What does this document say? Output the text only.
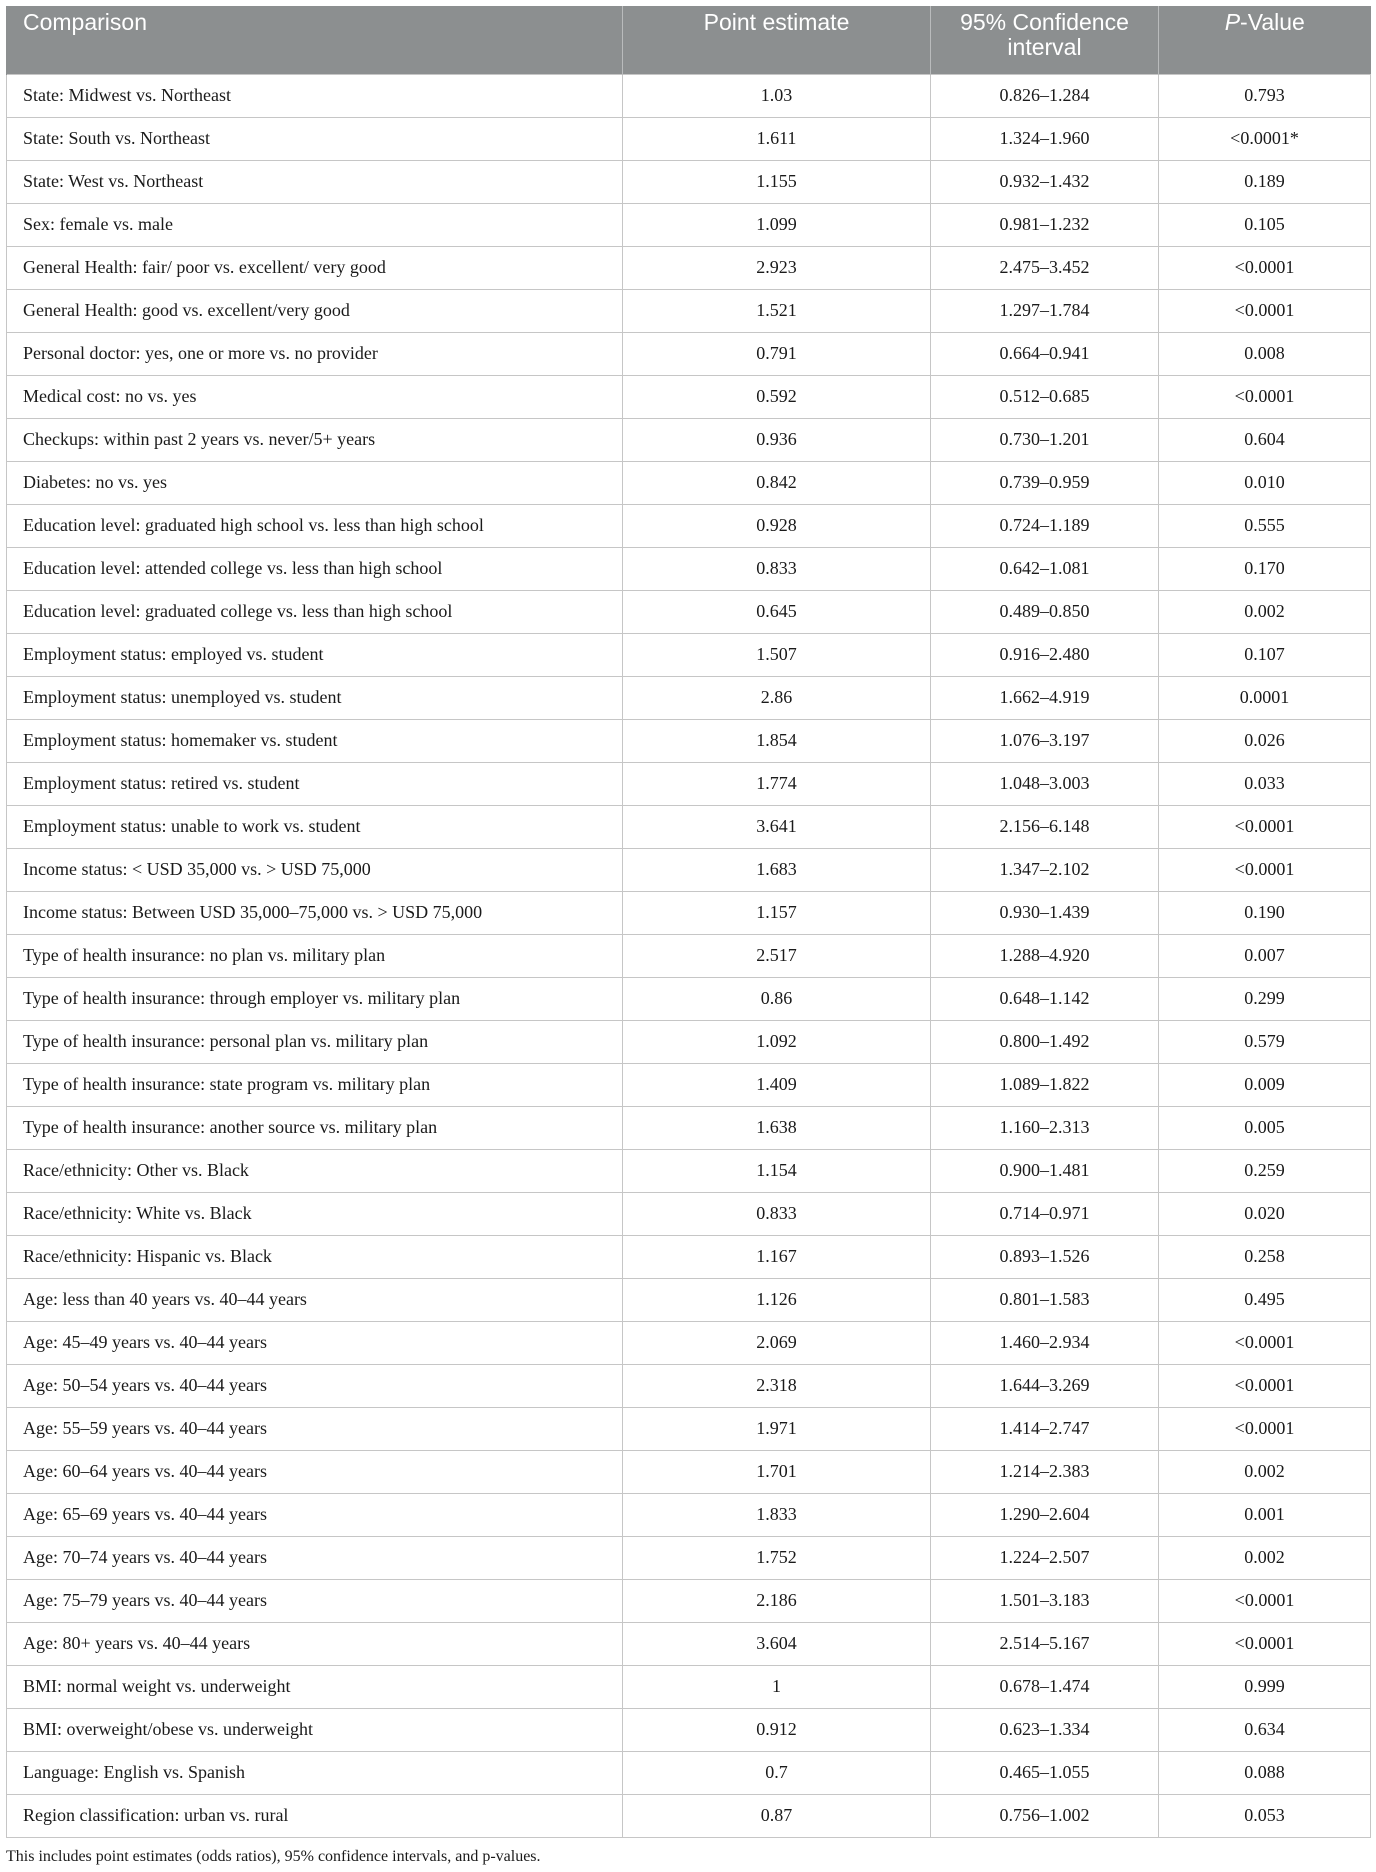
Comparison	Point estimate	95% Confidence interval	P-Value
State: Midwest vs. Northeast	1.03	0.826–1.284	0.793
State: South vs. Northeast	1.611	1.324–1.960	<0.0001*
State: West vs. Northeast	1.155	0.932–1.432	0.189
Sex: female vs. male	1.099	0.981–1.232	0.105
General Health: fair/ poor vs. excellent/ very good	2.923	2.475–3.452	<0.0001
General Health: good vs. excellent/very good	1.521	1.297–1.784	<0.0001
Personal doctor: yes, one or more vs. no provider	0.791	0.664–0.941	0.008
Medical cost: no vs. yes	0.592	0.512–0.685	<0.0001
Checkups: within past 2 years vs. never/5+ years	0.936	0.730–1.201	0.604
Diabetes: no vs. yes	0.842	0.739–0.959	0.010
Education level: graduated high school vs. less than high school	0.928	0.724–1.189	0.555
Education level: attended college vs. less than high school	0.833	0.642–1.081	0.170
Education level: graduated college vs. less than high school	0.645	0.489–0.850	0.002
Employment status: employed vs. student	1.507	0.916–2.480	0.107
Employment status: unemployed vs. student	2.86	1.662–4.919	0.0001
Employment status: homemaker vs. student	1.854	1.076–3.197	0.026
Employment status: retired vs. student	1.774	1.048–3.003	0.033
Employment status: unable to work vs. student	3.641	2.156–6.148	<0.0001
Income status: < USD 35,000 vs. > USD 75,000	1.683	1.347–2.102	<0.0001
Income status: Between USD 35,000–75,000 vs. > USD 75,000	1.157	0.930–1.439	0.190
Type of health insurance: no plan vs. military plan	2.517	1.288–4.920	0.007
Type of health insurance: through employer vs. military plan	0.86	0.648–1.142	0.299
Type of health insurance: personal plan vs. military plan	1.092	0.800–1.492	0.579
Type of health insurance: state program vs. military plan	1.409	1.089–1.822	0.009
Type of health insurance: another source vs. military plan	1.638	1.160–2.313	0.005
Race/ethnicity: Other vs. Black	1.154	0.900–1.481	0.259
Race/ethnicity: White vs. Black	0.833	0.714–0.971	0.020
Race/ethnicity: Hispanic vs. Black	1.167	0.893–1.526	0.258
Age: less than 40 years vs. 40–44 years	1.126	0.801–1.583	0.495
Age: 45–49 years vs. 40–44 years	2.069	1.460–2.934	<0.0001
Age: 50–54 years vs. 40–44 years	2.318	1.644–3.269	<0.0001
Age: 55–59 years vs. 40–44 years	1.971	1.414–2.747	<0.0001
Age: 60–64 years vs. 40–44 years	1.701	1.214–2.383	0.002
Age: 65–69 years vs. 40–44 years	1.833	1.290–2.604	0.001
Age: 70–74 years vs. 40–44 years	1.752	1.224–2.507	0.002
Age: 75–79 years vs. 40–44 years	2.186	1.501–3.183	<0.0001
Age: 80+ years vs. 40–44 years	3.604	2.514–5.167	<0.0001
BMI: normal weight vs. underweight	1	0.678–1.474	0.999
BMI: overweight/obese vs. underweight	0.912	0.623–1.334	0.634
Language: English vs. Spanish	0.7	0.465–1.055	0.088
Region classification: urban vs. rural	0.87	0.756–1.002	0.053
This includes point estimates (odds ratios), 95% confidence intervals, and p-values.
